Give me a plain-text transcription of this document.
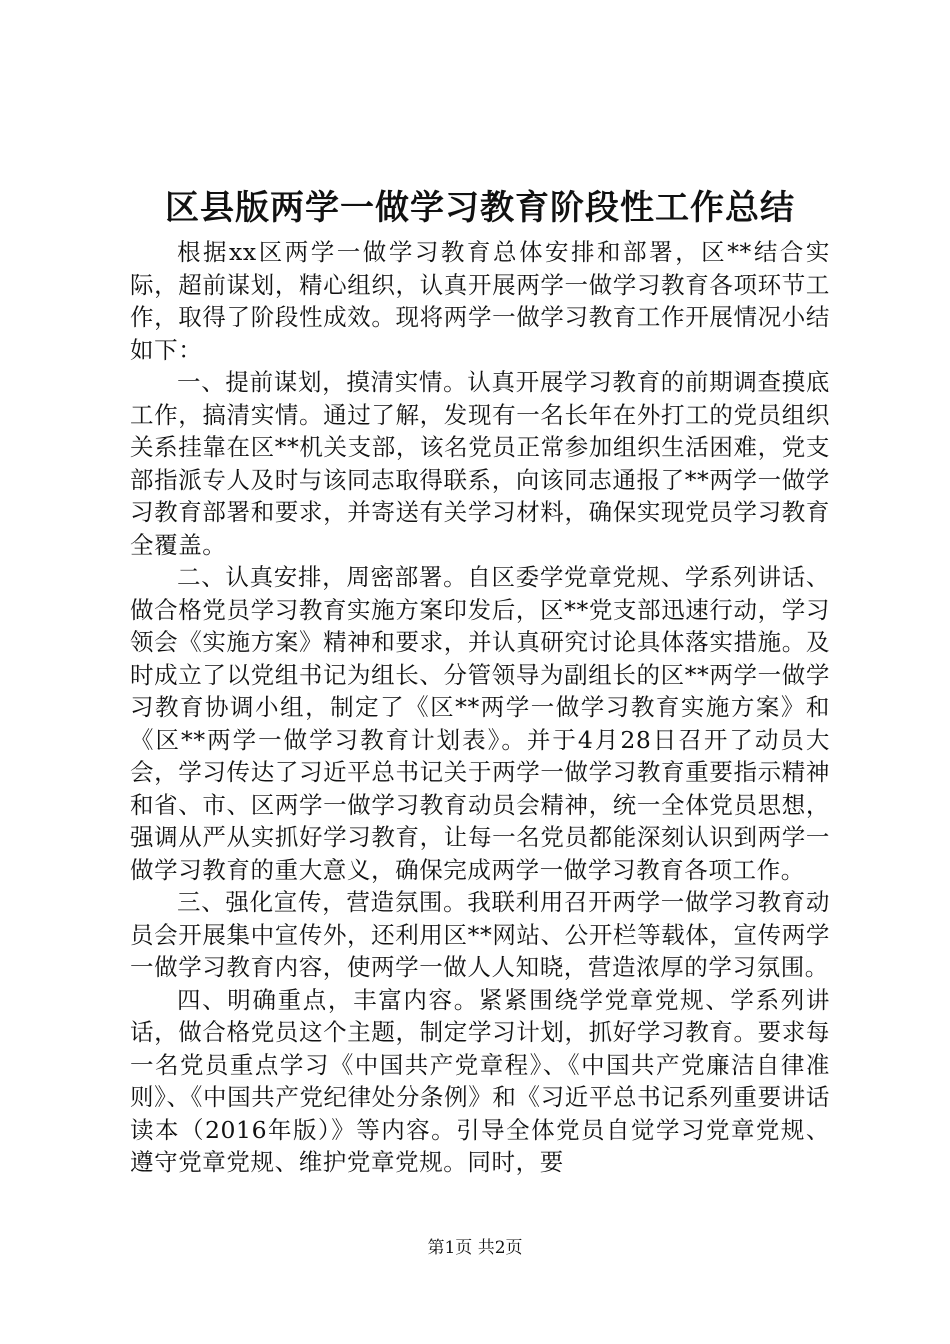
区县版两学一做学习教育阶段性工作总结

根据xx区两学一做学习教育总体安排和部署，区**结合实际，超前谋划，精心组织，认真开展两学一做学习教育各项环节工作，取得了阶段性成效。现将两学一做学习教育工作开展情况小结如下：

一、提前谋划，摸清实情。认真开展学习教育的前期调查摸底工作，搞清实情。通过了解，发现有一名长年在外打工的党员组织关系挂靠在区**机关支部，该名党员正常参加组织生活困难，党支部指派专人及时与该同志取得联系，向该同志通报了**两学一做学习教育部署和要求，并寄送有关学习材料，确保实现党员学习教育全覆盖。

二、认真安排，周密部署。自区委学党章党规、学系列讲话、做合格党员学习教育实施方案印发后，区**党支部迅速行动，学习领会《实施方案》精神和要求，并认真研究讨论具体落实措施。及时成立了以党组书记为组长、分管领导为副组长的区**两学一做学习教育协调小组，制定了《区**两学一做学习教育实施方案》和《区**两学一做学习教育计划表》。并于4月28日召开了动员大会，学习传达了习近平总书记关于两学一做学习教育重要指示精神和省、市、区两学一做学习教育动员会精神，统一全体党员思想，强调从严从实抓好学习教育，让每一名党员都能深刻认识到两学一做学习教育的重大意义，确保完成两学一做学习教育各项工作。

三、强化宣传，营造氛围。我联利用召开两学一做学习教育动员会开展集中宣传外，还利用区**网站、公开栏等载体，宣传两学一做学习教育内容，使两学一做人人知晓，营造浓厚的学习氛围。

四、明确重点，丰富内容。紧紧围绕学党章党规、学系列讲话，做合格党员这个主题，制定学习计划，抓好学习教育。要求每一名党员重点学习《中国共产党章程》、《中国共产党廉洁自律准则》、《中国共产党纪律处分条例》和《习近平总书记系列重要讲话读本（2016年版）》等内容。引导全体党员自觉学习党章党规、遵守党章党规、维护党章党规。同时，要

第1页 共2页
